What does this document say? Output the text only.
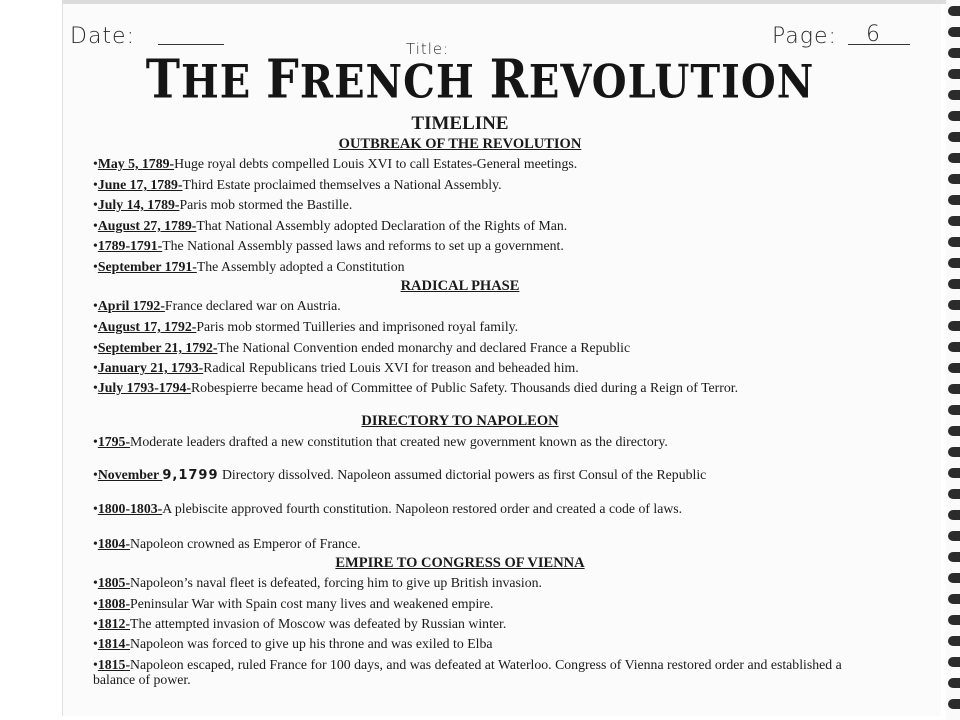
Date:	Page: 6
Title:
THE FRENCH REVOLUTION
TIMELINE
OUTBREAK OF THE REVOLUTION
•May 5, 1789-Huge royal debts compelled Louis XVI to call Estates-General meetings.
•June 17, 1789-Third Estate proclaimed themselves a National Assembly.
•July 14, 1789-Paris mob stormed the Bastille.
•August 27, 1789-That National Assembly adopted Declaration of the Rights of Man.
•1789-1791-The National Assembly passed laws and reforms to set up a government.
•September 1791-The Assembly adopted a Constitution
RADICAL PHASE
•April 1792-France declared war on Austria.
•August 17, 1792-Paris mob stormed Tuilleries and imprisoned royal family.
•September 21, 1792-The National Convention ended monarchy and declared France a Republic
•January 21, 1793-Radical Republicans tried Louis XVI for treason and beheaded him.
•July 1793-1794-Robespierre became head of Committee of Public Safety. Thousands died during a Reign of Terror.
DIRECTORY TO NAPOLEON
•1795-Moderate leaders drafted a new constitution that created new government known as the directory.
•November 9,1799 Directory dissolved. Napoleon assumed dictorial powers as first Consul of the Republic
•1800-1803-A plebiscite approved fourth constitution. Napoleon restored order and created a code of laws.
•1804-Napoleon crowned as Emperor of France.
EMPIRE TO CONGRESS OF VIENNA
•1805-Napoleon’s naval fleet is defeated, forcing him to give up British invasion.
•1808-Peninsular War with Spain cost many lives and weakened empire.
•1812-The attempted invasion of Moscow was defeated by Russian winter.
•1814-Napoleon was forced to give up his throne and was exiled to Elba
•1815-Napoleon escaped, ruled France for 100 days, and was defeated at Waterloo. Congress of Vienna restored order and established a balance of power.
